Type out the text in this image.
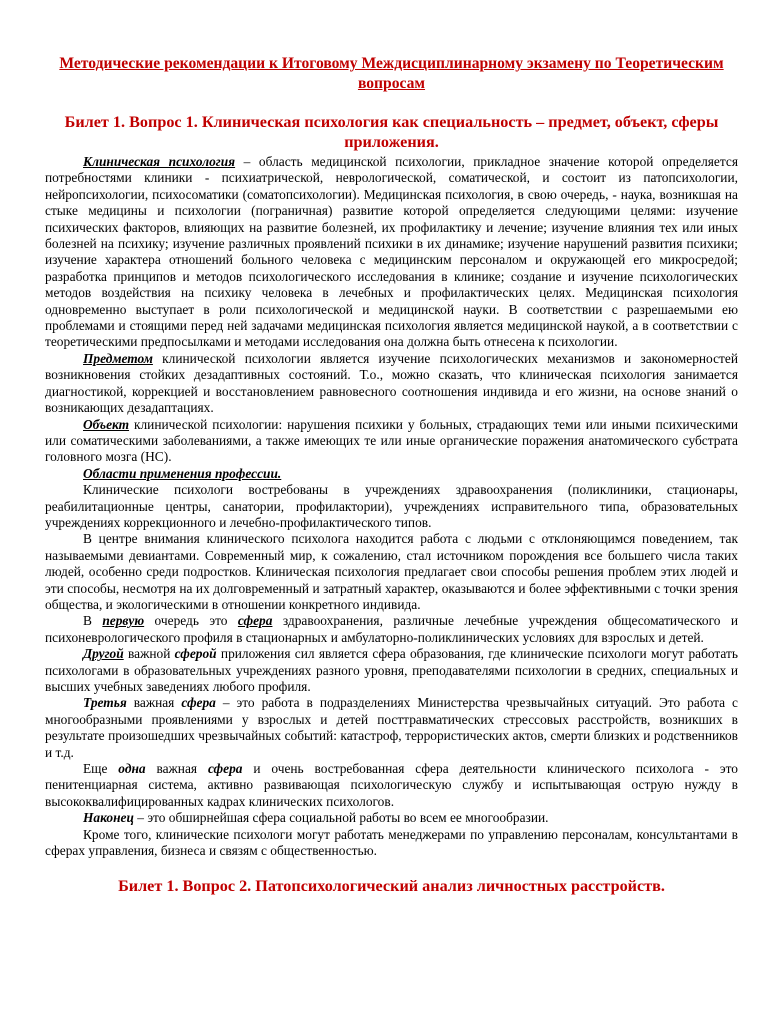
Методические рекомендации к Итоговому Междисциплинарному экзамену по Теоретическим вопросам
Билет 1. Вопрос 1. Клиническая психология как специальность – предмет, объект, сферы приложения.

Клиническая психология – область медицинской психологии, прикладное значение которой определяется потребностями клиники - психиатрической, неврологической, соматической, и состоит из патопсихологии, нейропсихологии, психосоматики (соматопсихологии). Медицинская психология, в свою очередь, - наука, возникшая на стыке медицины и психологии (пограничная) развитие которой определяется следующими целями: изучение психических факторов, влияющих на развитие болезней, их профилактику и лечение; изучение влияния тех или иных болезней на психику; изучение различных проявлений психики в их динамике; изучение нарушений развития психики; изучение характера отношений больного человека с медицинским персоналом и окружающей его микросредой; разработка принципов и методов психологического исследования в клинике; создание и изучение психологических методов воздействия на психику человека в лечебных и профилактических целях. Медицинская психология одновременно выступает в роли психологической и медицинской науки. В соответствии с разрешаемыми ею проблемами и стоящими перед ней задачами медицинская психология является медицинской наукой, а в соответствии с теоретическими предпосылками и методами исследования она должна быть отнесена к психологии.

Предметом клинической психологии является изучение психологических механизмов и закономерностей возникновения стойких дезадаптивных состояний. Т.о., можно сказать, что клиническая психология занимается диагностикой, коррекцией и восстановлением равновесного соотношения индивида и его жизни, на основе знаний о возникающих дезадаптациях.

Объект клинической психологии: нарушения психики у больных, страдающих теми или иными психическими или соматическими заболеваниями, а также имеющих те или иные органические поражения анатомического субстрата головного мозга (НС).

Области применения профессии.

Клинические психологи востребованы в учреждениях здравоохранения (поликлиники, стационары, реабилитационные центры, санатории, профилактории), учреждениях исправительного типа, образовательных учреждениях коррекционного и лечебно-профилактического типов.

В центре внимания клинического психолога находится работа с людьми с отклоняющимся поведением, так называемыми девиантами. Современный мир, к сожалению, стал источником порождения все большего числа таких людей, особенно среди подростков. Клиническая психология предлагает свои способы решения проблем этих людей и эти способы, несмотря на их долговременный и затратный характер, оказываются и более эффективными с точки зрения общества, и экологическими в отношении конкретного индивида.

В первую очередь это сфера здравоохранения, различные лечебные учреждения общесоматического и психоневрологического профиля в стационарных и амбулаторно-поликлинических условиях для взрослых и детей.

Другой важной сферой приложения сил является сфера образования, где клинические психологи могут работать психологами в образовательных учреждениях разного уровня, преподавателями психологии в средних, специальных и высших учебных заведениях любого профиля.

Третья важная сфера – это работа в подразделениях Министерства чрезвычайных ситуаций. Это работа с многообразными проявлениями у взрослых и детей посттравматических стрессовых расстройств, возникших в результате произошедших чрезвычайных событий: катастроф, террористических актов, смерти близких и родственников и т.д.

Еще одна важная сфера и очень востребованная сфера деятельности клинического психолога - это пенитенциарная система, активно развивающая психологическую службу и испытывающая острую нужду в высококвалифицированных кадрах клинических психологов.

Наконец – это обширнейшая сфера социальной работы во всем ее многообразии.

Кроме того, клинические психологи могут работать менеджерами по управлению персоналам, консультантами в сферах управления, бизнеса и связям с общественностью.

Билет 1. Вопрос 2. Патопсихологический анализ личностных расстройств.
